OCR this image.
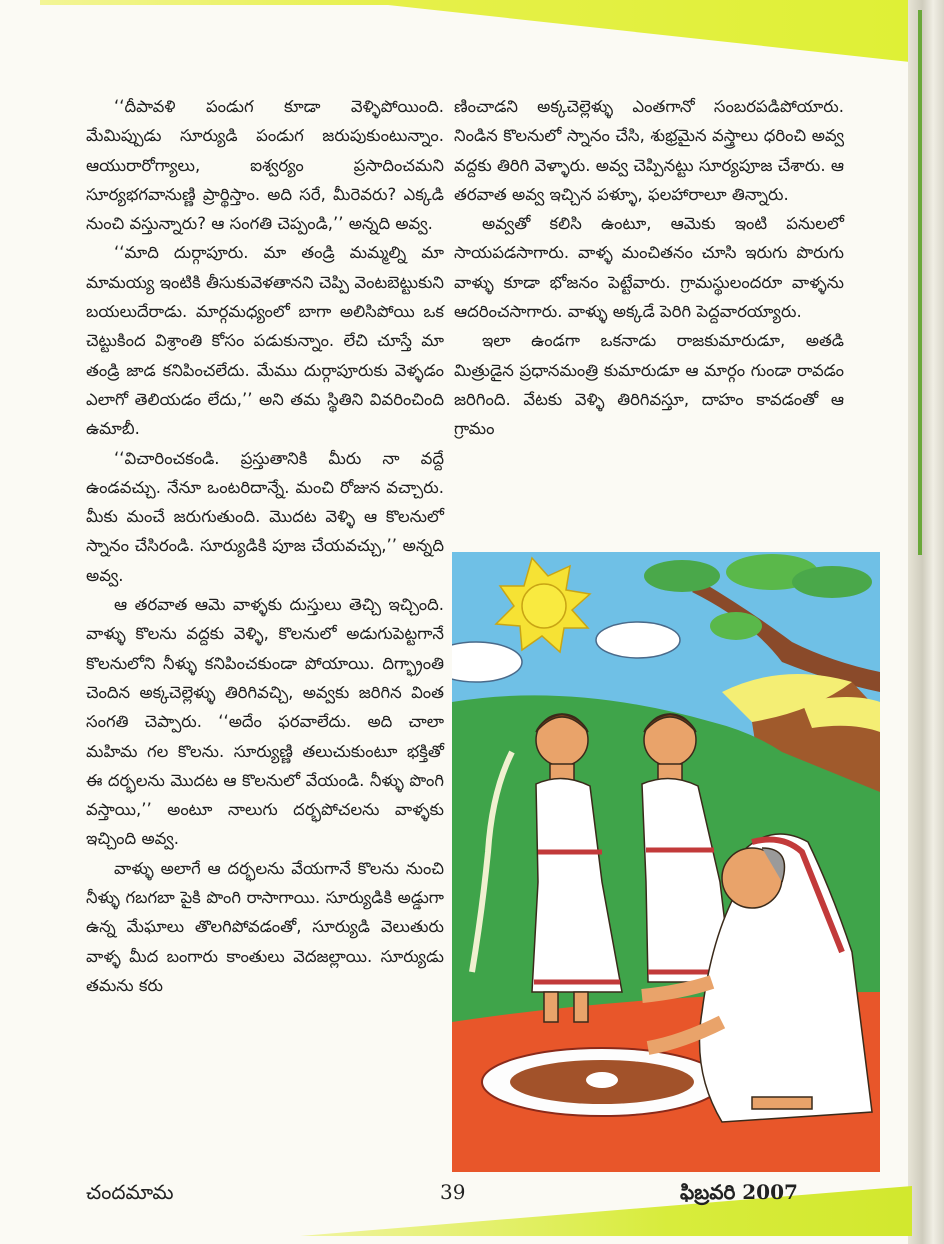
‘‘దీపావళి పండుగ కూడా వెళ్ళిపోయింది. మేమిప్పుడు సూర్యుడి పండుగ జరుపుకుంటున్నాం. ఆయురారోగ్యాలు, ఐశ్వర్యం ప్రసాదించమని సూర్యభగవానుణ్ణి ప్రార్థిస్తాం. అది సరే, మీరెవరు? ఎక్కడి నుంచి వస్తున్నారు? ఆ సంగతి చెప్పండి,’’ అన్నది అవ్వ.

‘‘మాది దుర్గాపూరు. మా తండ్రి మమ్మల్ని మా మామయ్య ఇంటికి తీసుకువెళతానని చెప్పి వెంటబెట్టుకుని బయలుదేరాడు. మార్గమధ్యంలో బాగా అలిసిపోయి ఒక చెట్టుకింద విశ్రాంతి కోసం పడుకున్నాం. లేచి చూస్తే మా తండ్రి జాడ కనిపించలేదు. మేము దుర్గాపూరుకు వెళ్ళడం ఎలాగో తెలియడం లేదు,’’ అని తమ స్థితిని వివరించింది ఉమాబీ.

‘‘విచారించకండి. ప్రస్తుతానికి మీరు నా వద్దే ఉండవచ్చు. నేనూ ఒంటరిదాన్నే. మంచి రోజున వచ్చారు. మీకు మంచే జరుగుతుంది. మొదట వెళ్ళి ఆ కొలనులో స్నానం చేసిరండి. సూర్యుడికి పూజ చేయవచ్చు,’’ అన్నది అవ్వ.

ఆ తరవాత ఆమె వాళ్ళకు దుస్తులు తెచ్చి ఇచ్చింది. వాళ్ళు కొలను వద్దకు వెళ్ళి, కొలనులో అడుగుపెట్టగానే కొలనులోని నీళ్ళు కనిపించకుండా పోయాయి. దిగ్భ్రాంతి చెందిన అక్కచెల్లెళ్ళు తిరిగివచ్చి, అవ్వకు జరిగిన వింత సంగతి చెప్పారు. ‘‘అదేం ఫరవాలేదు. అది చాలా మహిమ గల కొలను. సూర్యుణ్ణి తలుచుకుంటూ భక్తితో ఈ దర్భలను మొదట ఆ కొలనులో వేయండి. నీళ్ళు పొంగి వస్తాయి,’’ అంటూ నాలుగు దర్భపోచలను వాళ్ళకు ఇచ్చింది అవ్వ.

వాళ్ళు అలాగే ఆ దర్భలను వేయగానే కొలను నుంచి నీళ్ళు గబగబా పైకి పొంగి రాసాగాయి. సూర్యుడికి అడ్డుగా ఉన్న మేఘాలు తొలగిపోవడంతో, సూర్యుడి వెలుతురు వాళ్ళ మీద బంగారు కాంతులు వెదజల్లాయి. సూర్యుడు తమను కరు

ణించాడని అక్కచెల్లెళ్ళు ఎంతగానో సంబరపడిపోయారు. నిండిన కొలనులో స్నానం చేసి, శుభ్రమైన వస్త్రాలు ధరించి అవ్వ వద్దకు తిరిగి వెళ్ళారు. అవ్వ చెప్పినట్టు సూర్యపూజ చేశారు. ఆ తరవాత అవ్వ ఇచ్చిన పళ్ళూ, ఫలహారాలూ తిన్నారు.

అవ్వతో కలిసి ఉంటూ, ఆమెకు ఇంటి పనులలో సాయపడసాగారు. వాళ్ళ మంచితనం చూసి ఇరుగు పొరుగు వాళ్ళు కూడా భోజనం పెట్టేవారు. గ్రామస్థులందరూ వాళ్ళను ఆదరించసాగారు. వాళ్ళు అక్కడే పెరిగి పెద్దవారయ్యారు.

ఇలా ఉండగా ఒకనాడు రాజకుమారుడూ, అతడి మిత్రుడైన ప్రధానమంత్రి కుమారుడూ ఆ మార్గం గుండా రావడం జరిగింది. వేటకు వెళ్ళి తిరిగివస్తూ, దాహం కావడంతో ఆ గ్రామం

చందమామ	39	ఫిబ్రవరి 2007
